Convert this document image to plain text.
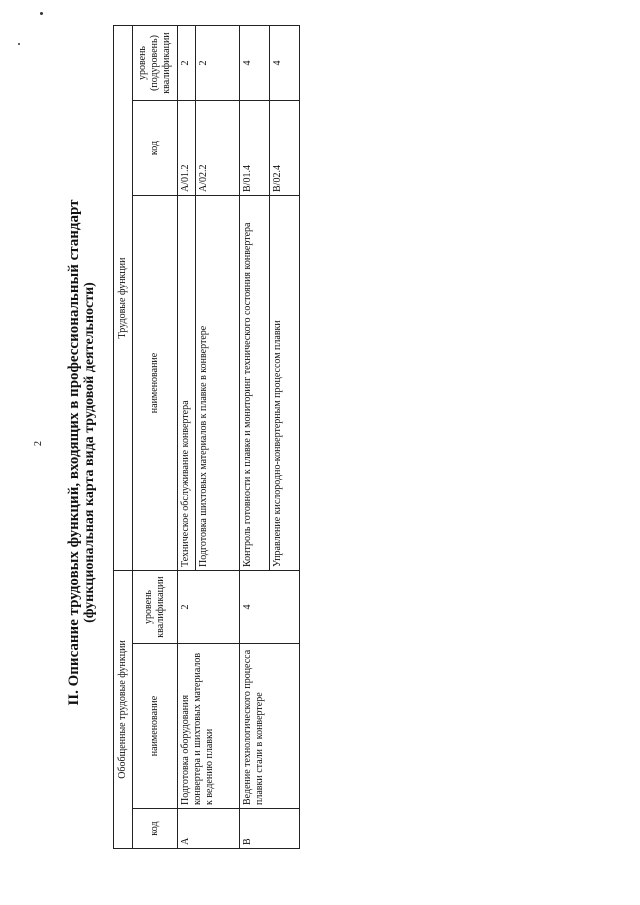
2 II. Описание трудовых функций, входящих в профессиональный стандарт (функциональная карта вида трудовой деятельности)
Обобщенные трудовые функции			Трудовые функции		
код	наименование	уровень квалификации	наименование	код	уровень (подуровень) квалификации
A	Подготовка оборудования конвертера и шихтовых материалов к ведению плавки	2	Техническое обслуживание конвертера	A/01.2	2
			Подготовка шихтовых материалов к плавке в конвертере	A/02.2	2
B	Ведение технологического процесса плавки стали в конвертере	4	Контроль готовности к плавке и мониторинг технического состояния конвертера	B/01.4	4
			Управление кислородно-конвертерным процессом плавки	B/02.4	4
